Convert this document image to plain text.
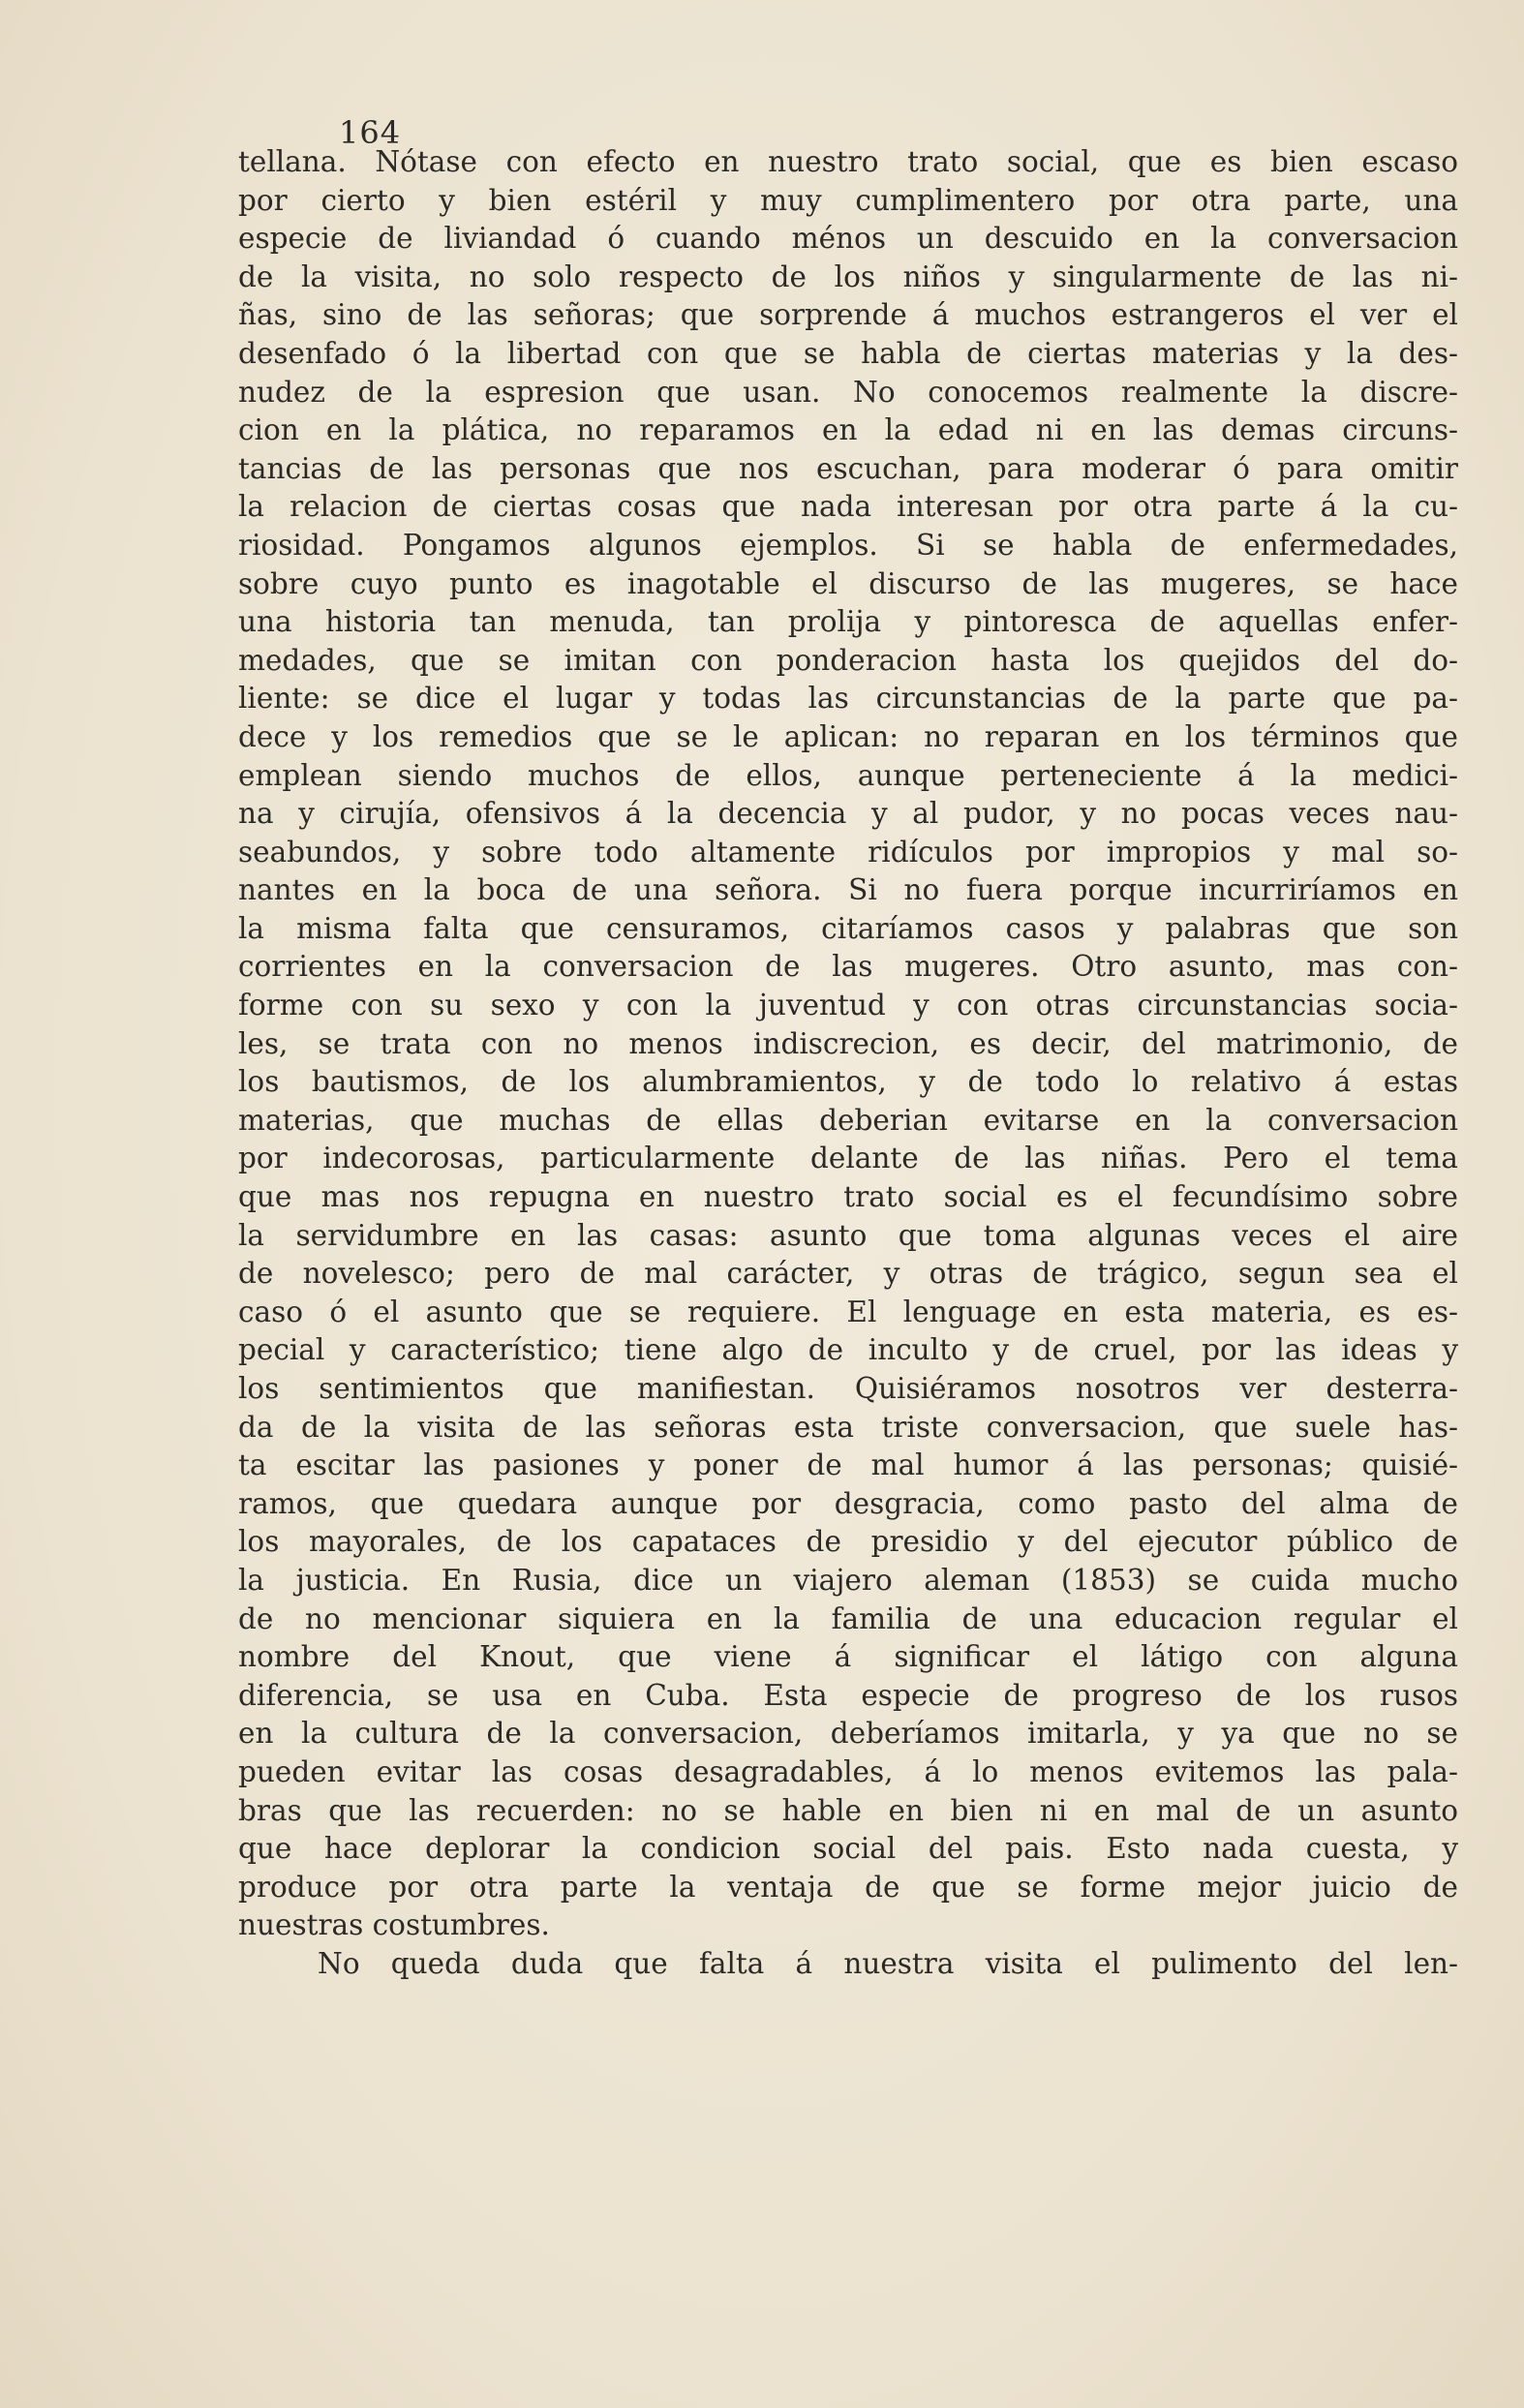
164
tellana. Nótase con efecto en nuestro trato social, que es bien escaso
por cierto y bien estéril y muy cumplimentero por otra parte, una
especie de liviandad ó cuando ménos un descuido en la conversacion
de la visita, no solo respecto de los niños y singularmente de las ni-
ñas, sino de las señoras; que sorprende á muchos estrangeros el ver el
desenfado ó la libertad con que se habla de ciertas materias y la des-
nudez de la espresion que usan. No conocemos realmente la discre-
cion en la plática, no reparamos en la edad ni en las demas circuns-
tancias de las personas que nos escuchan, para moderar ó para omitir
la relacion de ciertas cosas que nada interesan por otra parte á la cu-
riosidad. Pongamos algunos ejemplos. Si se habla de enfermedades,
sobre cuyo punto es inagotable el discurso de las mugeres, se hace
una historia tan menuda, tan prolija y pintoresca de aquellas enfer-
medades, que se imitan con ponderacion hasta los quejidos del do-
liente: se dice el lugar y todas las circunstancias de la parte que pa-
dece y los remedios que se le aplican: no reparan en los términos que
emplean siendo muchos de ellos, aunque perteneciente á la medici-
na y cirujía, ofensivos á la decencia y al pudor, y no pocas veces nau-
seabundos, y sobre todo altamente ridículos por impropios y mal so-
nantes en la boca de una señora. Si no fuera porque incurriríamos en
la misma falta que censuramos, citaríamos casos y palabras que son
corrientes en la conversacion de las mugeres. Otro asunto, mas con-
forme con su sexo y con la juventud y con otras circunstancias socia-
les, se trata con no menos indiscrecion, es decir, del matrimonio, de
los bautismos, de los alumbramientos, y de todo lo relativo á estas
materias, que muchas de ellas deberian evitarse en la conversacion
por indecorosas, particularmente delante de las niñas. Pero el tema
que mas nos repugna en nuestro trato social es el fecundísimo sobre
la servidumbre en las casas: asunto que toma algunas veces el aire
de novelesco; pero de mal carácter, y otras de trágico, segun sea el
caso ó el asunto que se requiere. El lenguage en esta materia, es es-
pecial y característico; tiene algo de inculto y de cruel, por las ideas y
los sentimientos que manifiestan. Quisiéramos nosotros ver desterra-
da de la visita de las señoras esta triste conversacion, que suele has-
ta escitar las pasiones y poner de mal humor á las personas; quisié-
ramos, que quedara aunque por desgracia, como pasto del alma de
los mayorales, de los capataces de presidio y del ejecutor público de
la justicia. En Rusia, dice un viajero aleman (1853) se cuida mucho
de no mencionar siquiera en la familia de una educacion regular el
nombre del Knout, que viene á significar el látigo con alguna
diferencia, se usa en Cuba. Esta especie de progreso de los rusos
en la cultura de la conversacion, deberíamos imitarla, y ya que no se
pueden evitar las cosas desagradables, á lo menos evitemos las pala-
bras que las recuerden: no se hable en bien ni en mal de un asunto
que hace deplorar la condicion social del pais. Esto nada cuesta, y
produce por otra parte la ventaja de que se forme mejor juicio de
nuestras costumbres.
No queda duda que falta á nuestra visita el pulimento del len-
